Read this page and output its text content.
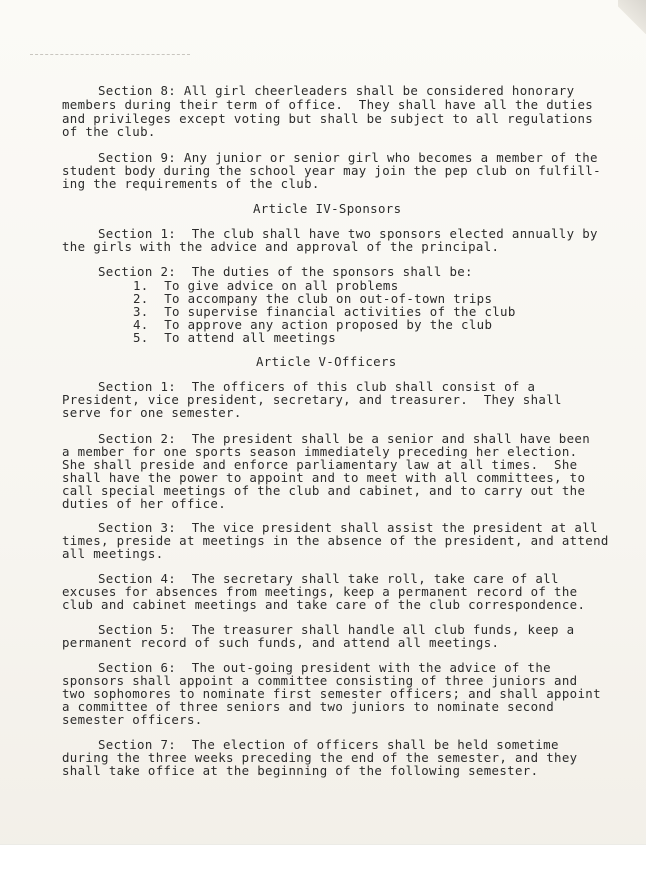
Section 8: All girl cheerleaders shall be considered honorary
members during their term of office.  They shall have all the duties
and privileges except voting but shall be subject to all regulations
of the club.
Section 9: Any junior or senior girl who becomes a member of the
student body during the school year may join the pep club on fulfill-
ing the requirements of the club.
Article IV-Sponsors
Section 1:  The club shall have two sponsors elected annually by
the girls with the advice and approval of the principal.
Section 2:  The duties of the sponsors shall be:
1.  To give advice on all problems
2.  To accompany the club on out-of-town trips
3.  To supervise financial activities of the club
4.  To approve any action proposed by the club
5.  To attend all meetings
Article V-Officers
Section 1:  The officers of this club shall consist of a
President, vice president, secretary, and treasurer.  They shall
serve for one semester.
Section 2:  The president shall be a senior and shall have been
a member for one sports season immediately preceding her election.
She shall preside and enforce parliamentary law at all times.  She
shall have the power to appoint and to meet with all committees, to
call special meetings of the club and cabinet, and to carry out the
duties of her office.
Section 3:  The vice president shall assist the president at all
times, preside at meetings in the absence of the president, and attend
all meetings.
Section 4:  The secretary shall take roll, take care of all
excuses for absences from meetings, keep a permanent record of the
club and cabinet meetings and take care of the club correspondence.
Section 5:  The treasurer shall handle all club funds, keep a
permanent record of such funds, and attend all meetings.
Section 6:  The out-going president with the advice of the
sponsors shall appoint a committee consisting of three juniors and
two sophomores to nominate first semester officers; and shall appoint
a committee of three seniors and two juniors to nominate second
semester officers.
Section 7:  The election of officers shall be held sometime
during the three weeks preceding the end of the semester, and they
shall take office at the beginning of the following semester.
